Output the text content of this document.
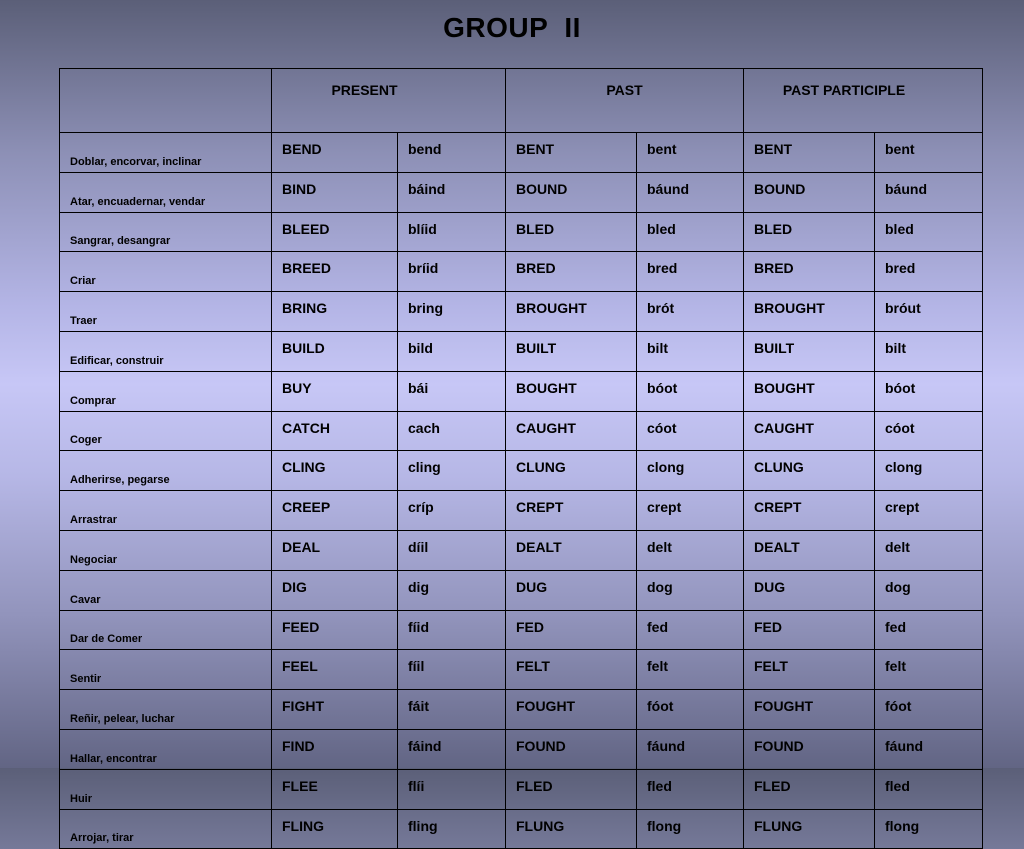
GROUP  II
	PRESENT		PAST		PAST PARTICIPLE	
Doblar, encorvar, inclinar	BEND	bend	BENT	bent	BENT	bent
Atar, encuadernar, vendar	BIND	báind	BOUND	báund	BOUND	báund
Sangrar, desangrar	BLEED	blíid	BLED	bled	BLED	bled
Criar	BREED	bríid	BRED	bred	BRED	bred
Traer	BRING	bring	BROUGHT	brót	BROUGHT	bróut
Edificar, construir	BUILD	bild	BUILT	bilt	BUILT	bilt
Comprar	BUY	bái	BOUGHT	bóot	BOUGHT	bóot
Coger	CATCH	cach	CAUGHT	cóot	CAUGHT	cóot
Adherirse, pegarse	CLING	cling	CLUNG	clong	CLUNG	clong
Arrastrar	CREEP	críp	CREPT	crept	CREPT	crept
Negociar	DEAL	díil	DEALT	delt	DEALT	delt
Cavar	DIG	dig	DUG	dog	DUG	dog
Dar de Comer	FEED	fíid	FED	fed	FED	fed
Sentir	FEEL	fíil	FELT	felt	FELT	felt
Reñir, pelear, luchar	FIGHT	fáit	FOUGHT	fóot	FOUGHT	fóot
Hallar, encontrar	FIND	fáind	FOUND	fáund	FOUND	fáund
Huir	FLEE	flíi	FLED	fled	FLED	fled
Arrojar, tirar	FLING	fling	FLUNG	flong	FLUNG	flong
